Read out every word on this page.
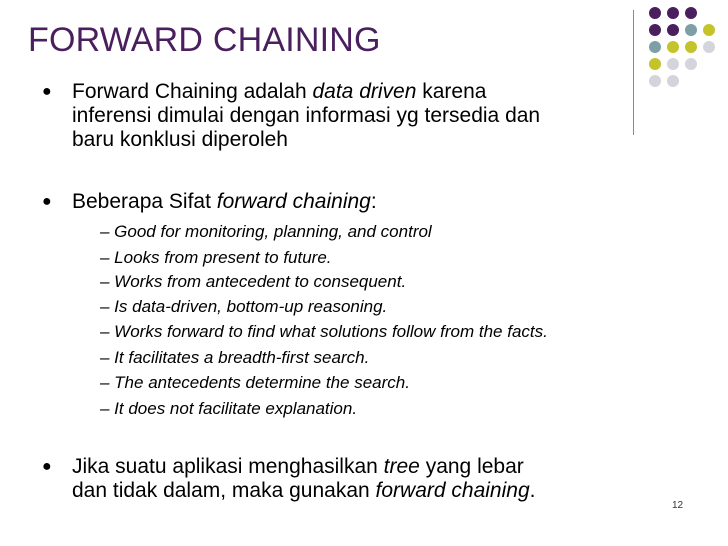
FORWARD CHAINING
● Forward Chaining adalah data driven karena
inferensi dimulai dengan informasi yg tersedia dan
baru konklusi diperoleh
● Beberapa Sifat forward chaining:
– Good for monitoring, planning, and control
– Looks from present to future.
– Works from antecedent to consequent.
– Is data-driven, bottom-up reasoning.
– Works forward to find what solutions follow from the facts.
– It facilitates a breadth-first search.
– The antecedents determine the search.
– It does not facilitate explanation.
● Jika suatu aplikasi menghasilkan tree yang lebar
dan tidak dalam, maka gunakan forward chaining.
12
